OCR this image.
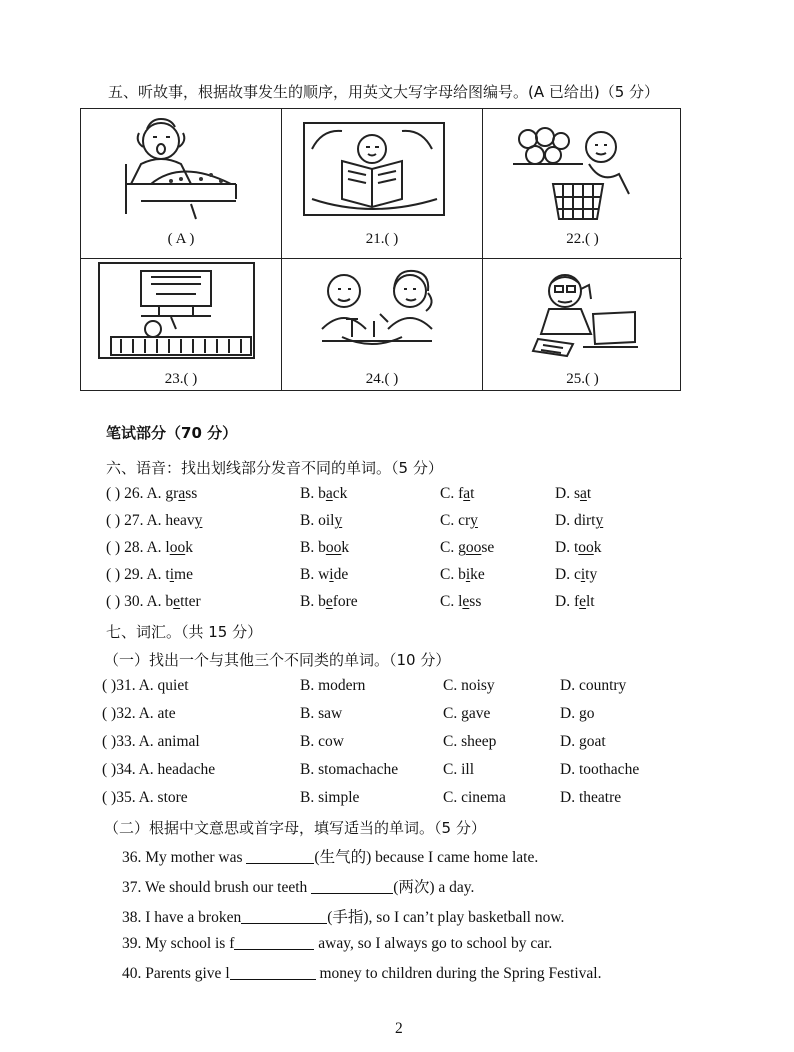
五、听故事，根据故事发生的顺序，用英文大写字母给图编号。(A 已给出)（5 分）
( A )	21.( )	22.( )
23.( )	24.( )	25.( )
笔试部分（70 分）
六、语音：找出划线部分发音不同的单词。（5 分）
( ) 26. A. grass	B. back	C. fat	D. sat
( ) 27. A. heavy	B. oily	C. cry	D. dirty
( ) 28. A. look	B. book	C. goose	D. took
( ) 29. A. time	B. wide	C. bike	D. city
( ) 30. A. better	B. before	C. less	D. felt
七、词汇。（共 15 分）
（一）找出一个与其他三个不同类的单词。（10 分）
( )31. A. quiet	B. modern	C. noisy	D. country
( )32. A. ate	B. saw	C. gave	D. go
( )33. A. animal	B. cow	C. sheep	D. goat
( )34. A. headache	B. stomachache	C. ill	D. toothache
( )35. A. store	B. simple	C. cinema	D. theatre
（二）根据中文意思或首字母，填写适当的单词。（5 分）
36. My mother was	(生气的) because I came home late.
37. We should brush our teeth	(两次) a day.
38. I have a broken	(手指), so I can’t play basketball now.
39. My school is f	away, so I always go to school by car.
40. Parents give l	money to children during the Spring Festival.
2
